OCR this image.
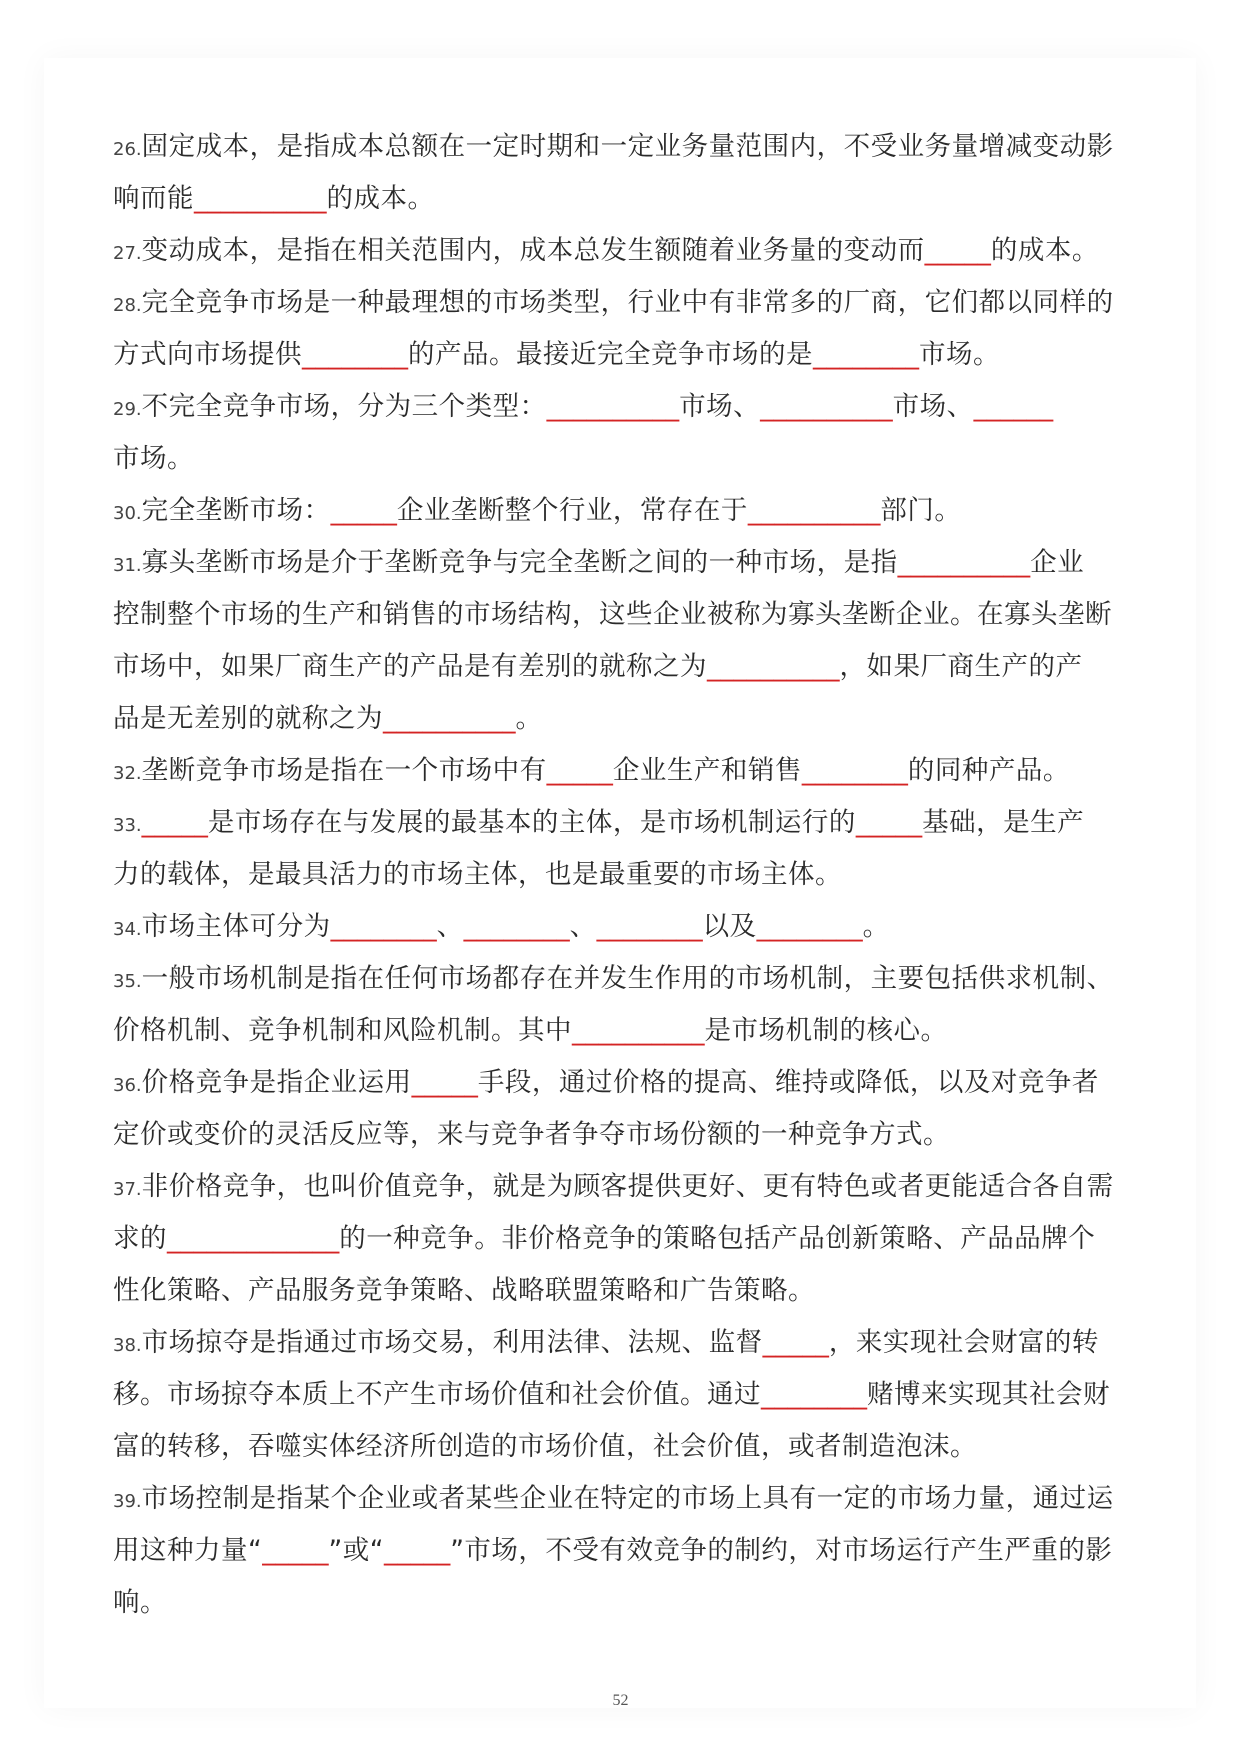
26.固定成本，是指成本总额在一定时期和一定业务量范围内，不受业务量增减变动影
响而能__________的成本。
27.变动成本，是指在相关范围内，成本总发生额随着业务量的变动而_____的成本。
28.完全竞争市场是一种最理想的市场类型，行业中有非常多的厂商，它们都以同样的
方式向市场提供________的产品。最接近完全竞争市场的是________市场。
29.不完全竞争市场，分为三个类型：__________市场、__________市场、______
市场。
30.完全垄断市场：_____企业垄断整个行业，常存在于__________部门。
31.寡头垄断市场是介于垄断竞争与完全垄断之间的一种市场，是指__________企业
控制整个市场的生产和销售的市场结构，这些企业被称为寡头垄断企业。在寡头垄断
市场中，如果厂商生产的产品是有差别的就称之为__________，如果厂商生产的产
品是无差别的就称之为__________。
32.垄断竞争市场是指在一个市场中有_____企业生产和销售________的同种产品。
33._____是市场存在与发展的最基本的主体，是市场机制运行的_____基础，是生产
力的载体，是最具活力的市场主体，也是最重要的市场主体。
34.市场主体可分为________、________、________以及________。
35.一般市场机制是指在任何市场都存在并发生作用的市场机制，主要包括供求机制、
价格机制、竞争机制和风险机制。其中__________是市场机制的核心。
36.价格竞争是指企业运用_____手段，通过价格的提高、维持或降低，以及对竞争者
定价或变价的灵活反应等，来与竞争者争夺市场份额的一种竞争方式。
37.非价格竞争，也叫价值竞争，就是为顾客提供更好、更有特色或者更能适合各自需
求的_____________的一种竞争。非价格竞争的策略包括产品创新策略、产品品牌个
性化策略、产品服务竞争策略、战略联盟策略和广告策略。
38.市场掠夺是指通过市场交易，利用法律、法规、监督_____，来实现社会财富的转
移。市场掠夺本质上不产生市场价值和社会价值。通过________赌博来实现其社会财
富的转移，吞噬实体经济所创造的市场价值，社会价值，或者制造泡沫。
39.市场控制是指某个企业或者某些企业在特定的市场上具有一定的市场力量，通过运
用这种力量“_____”或“_____”市场，不受有效竞争的制约，对市场运行产生严重的影
响。
52
